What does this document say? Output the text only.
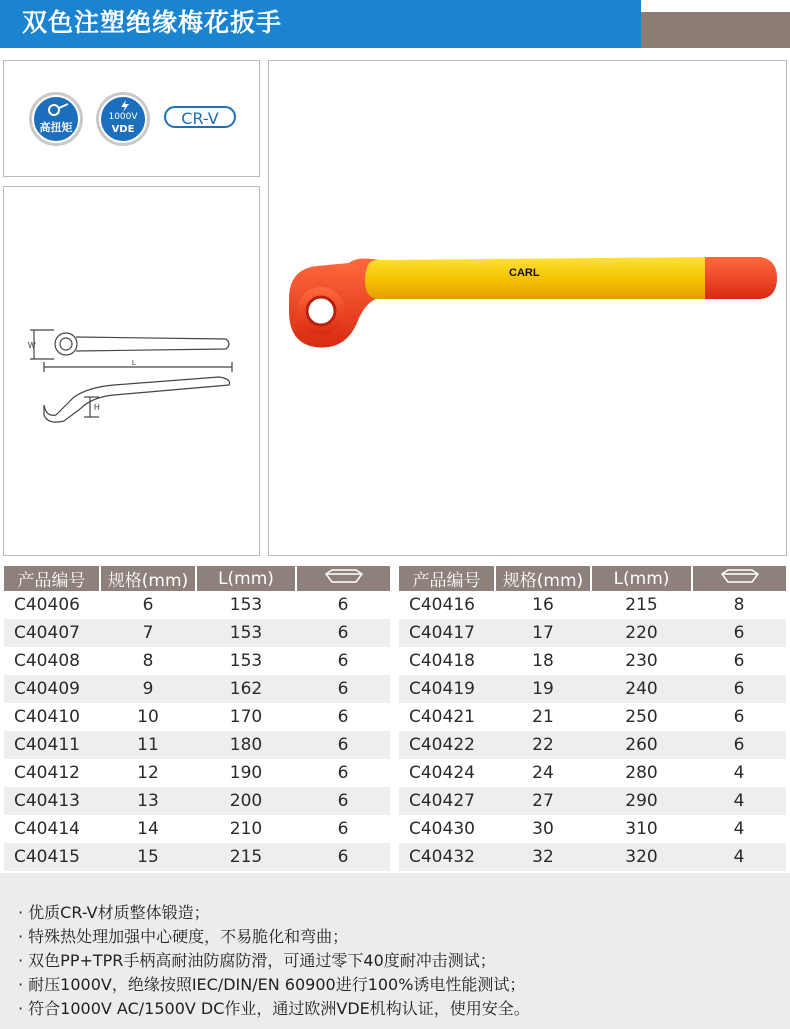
双色注塑绝缘梅花扳手
高扭矩
1000V
VDE
CR-V
W
L
H
CARL
产品编号	规格(mm)	L(mm)	
C40406	6	153	6
C40407	7	153	6
C40408	8	153	6
C40409	9	162	6
C40410	10	170	6
C40411	11	180	6
C40412	12	190	6
C40413	13	200	6
C40414	14	210	6
C40415	15	215	6
产品编号	规格(mm)	L(mm)	
C40416	16	215	8
C40417	17	220	6
C40418	18	230	6
C40419	19	240	6
C40421	21	250	6
C40422	22	260	6
C40424	24	280	4
C40427	27	290	4
C40430	30	310	4
C40432	32	320	4
· 优质CR-V材质整体锻造；
· 特殊热处理加强中心硬度，不易脆化和弯曲；
· 双色PP+TPR手柄高耐油防腐防滑，可通过零下40度耐冲击测试；
· 耐压1000V，绝缘按照IEC/DIN/EN 60900进行100%诱电性能测试；
· 符合1000V AC/1500V DC作业，通过欧洲VDE机构认证，使用安全。
